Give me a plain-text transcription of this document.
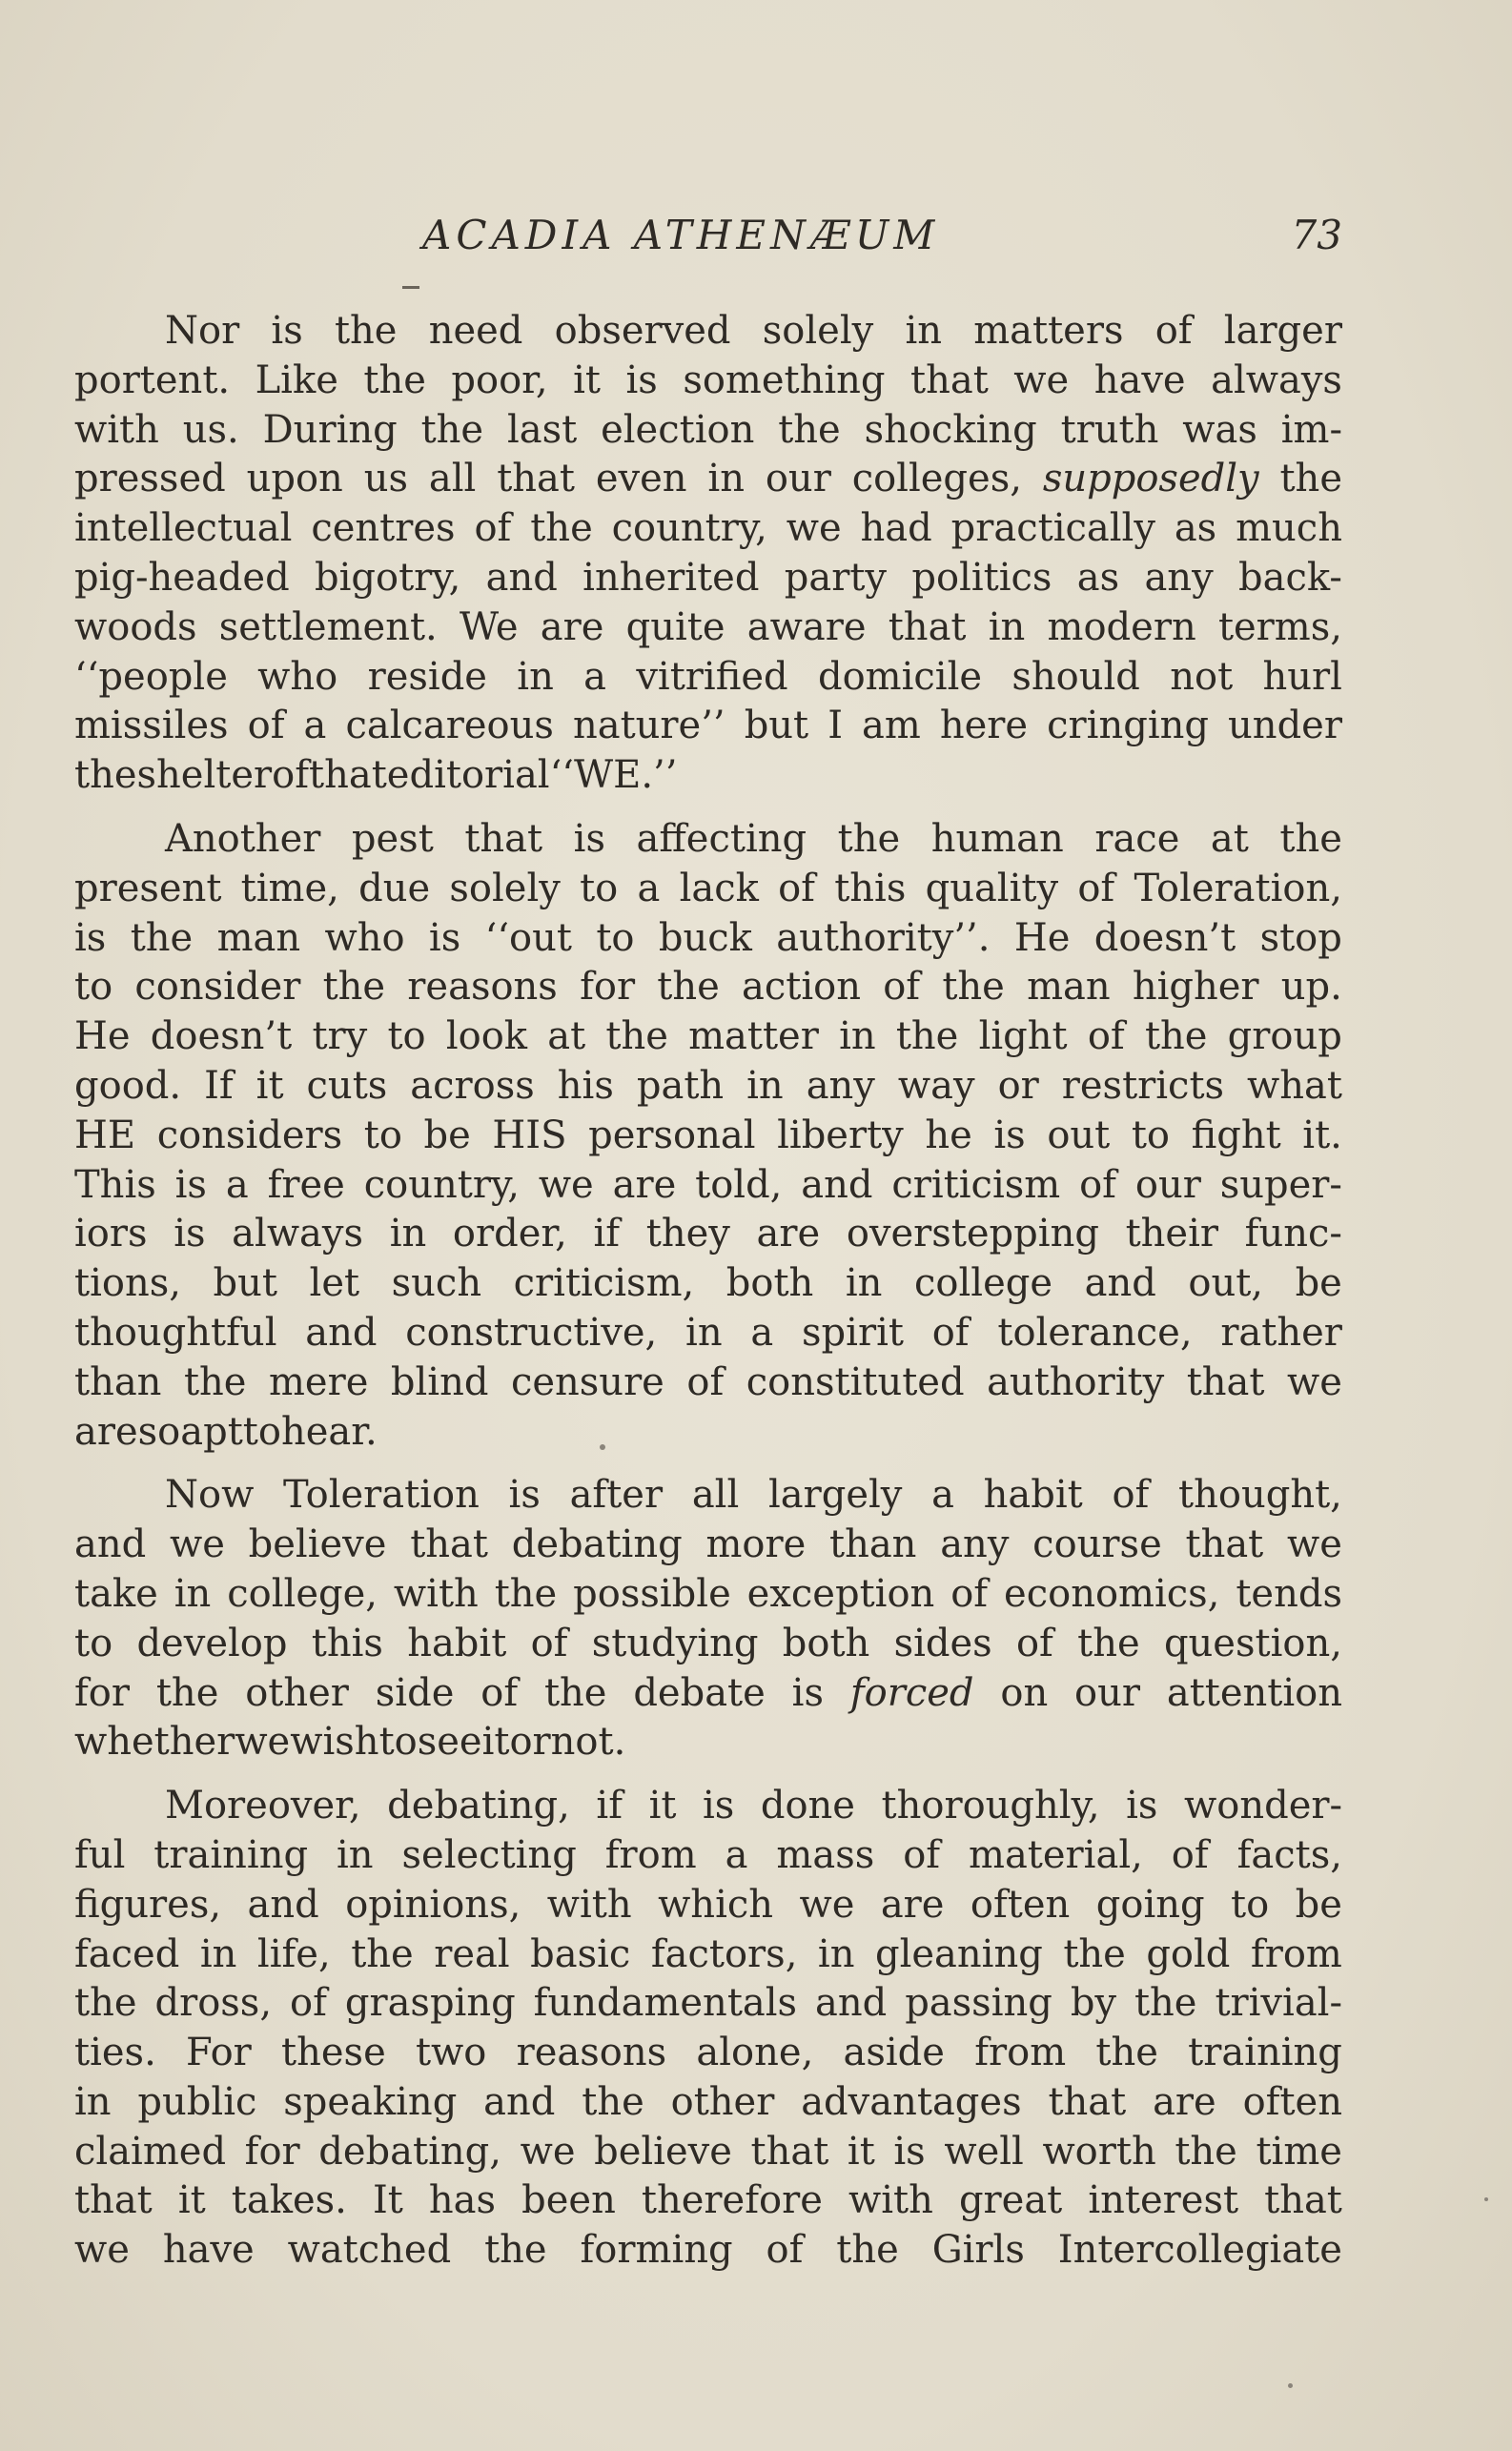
ACADIA ATHENÆUM	73
Nor is the need observed solely in matters of larger
portent. Like the poor, it is something that we have always
with us. During the last election the shocking truth was im-
pressed upon us all that even in our colleges, supposedly the
intellectual centres of the country, we had practically as much
pig-headed bigotry, and inherited party politics as any back-
woods settlement. We are quite aware that in modern terms,
‘‘people who reside in a vitrified domicile should not hurl
missiles of a calcareous nature’’ but I am here cringing under
the shelter of that editorial ‘‘WE.’’
Another pest that is affecting the human race at the
present time, due solely to a lack of this quality of Toleration,
is the man who is ‘‘out to buck authority’’. He doesn’t stop
to consider the reasons for the action of the man higher up.
He doesn’t try to look at the matter in the light of the group
good. If it cuts across his path in any way or restricts what
HE considers to be HIS personal liberty he is out to fight it.
This is a free country, we are told, and criticism of our super-
iors is always in order, if they are overstepping their func-
tions, but let such criticism, both in college and out, be
thoughtful and constructive, in a spirit of tolerance, rather
than the mere blind censure of constituted authority that we
are so apt to hear.
Now Toleration is after all largely a habit of thought,
and we believe that debating more than any course that we
take in college, with the possible exception of economics, tends
to develop this habit of studying both sides of the question,
for the other side of the debate is forced on our attention
whether we wish to see it or not.
Moreover, debating, if it is done thoroughly, is wonder-
ful training in selecting from a mass of material, of facts,
figures, and opinions, with which we are often going to be
faced in life, the real basic factors, in gleaning the gold from
the dross, of grasping fundamentals and passing by the trivial-
ties. For these two reasons alone, aside from the training
in public speaking and the other advantages that are often
claimed for debating, we believe that it is well worth the time
that it takes. It has been therefore with great interest that
we have watched the forming of the Girls Intercollegiate
